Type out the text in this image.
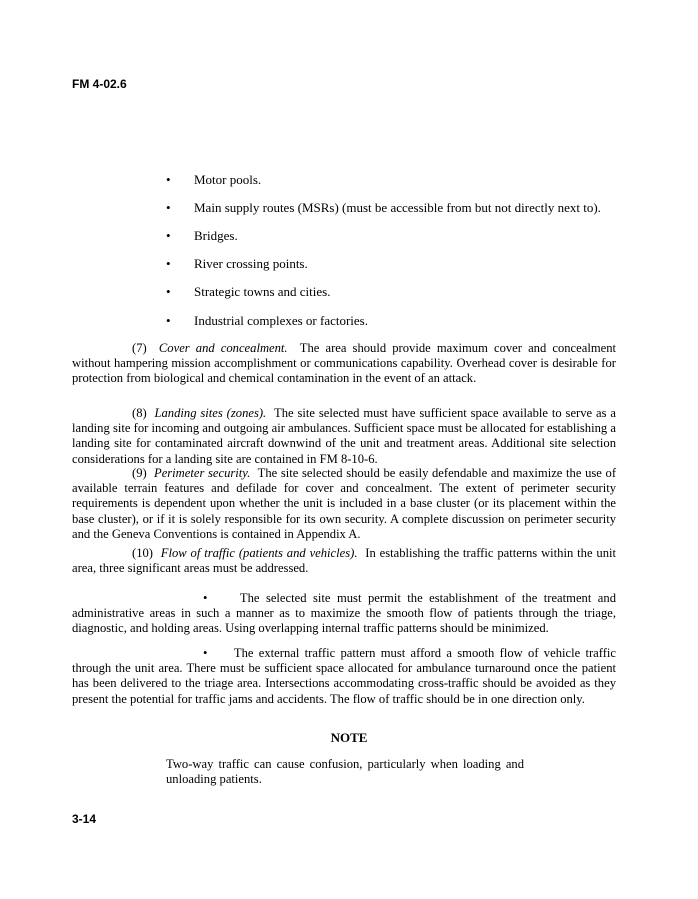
FM 4-02.6
• Motor pools.
• Main supply routes (MSRs) (must be accessible from but not directly next to).
• Bridges.
• River crossing points.
• Strategic towns and cities.
• Industrial complexes or factories.

(7) Cover and concealment. The area should provide maximum cover and concealment without hampering mission accomplishment or communications capability. Overhead cover is desirable for protection from biological and chemical contamination in the event of an attack.

(8) Landing sites (zones). The site selected must have sufficient space available to serve as a landing site for incoming and outgoing air ambulances. Sufficient space must be allocated for establishing a landing site for contaminated aircraft downwind of the unit and treatment areas. Additional site selection considerations for a landing site are contained in FM 8-10-6.

(9) Perimeter security. The site selected should be easily defendable and maximize the use of available terrain features and defilade for cover and concealment. The extent of perimeter security requirements is dependent upon whether the unit is included in a base cluster (or its placement within the base cluster), or if it is solely responsible for its own security. A complete discussion on perimeter security and the Geneva Conventions is contained in Appendix A.

(10) Flow of traffic (patients and vehicles). In establishing the traffic patterns within the unit area, three significant areas must be addressed.

•	The selected site must permit the establishment of the treatment and administrative areas in such a manner as to maximize the smooth flow of patients through the triage, diagnostic, and holding areas. Using overlapping internal traffic patterns should be minimized.

• The external traffic pattern must afford a smooth flow of vehicle traffic through the unit area. There must be sufficient space allocated for ambulance turnaround once the patient has been delivered to the triage area. Intersections accommodating cross-traffic should be avoided as they present the potential for traffic jams and accidents. The flow of traffic should be in one direction only.

NOTE

Two-way traffic can cause confusion, particularly when loading and unloading patients.

3-14
